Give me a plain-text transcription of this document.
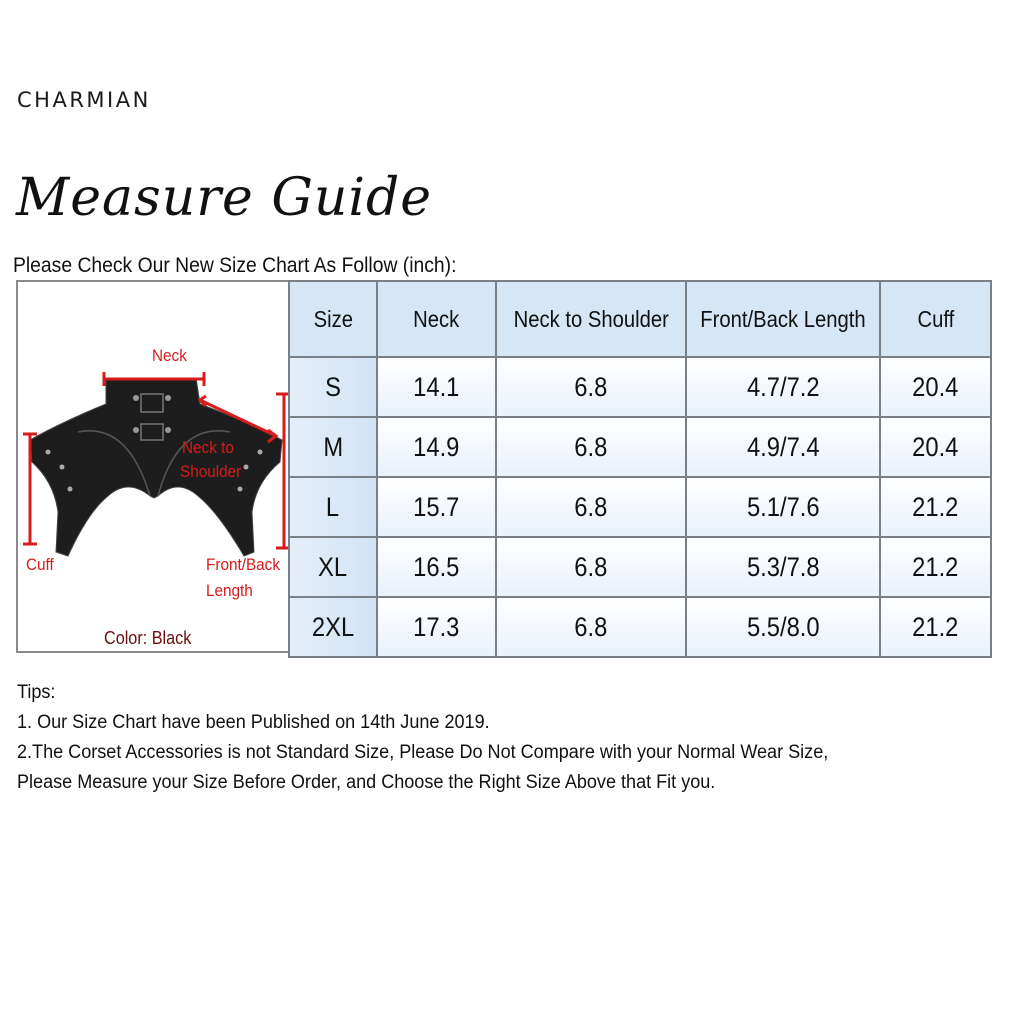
CHARMIAN
Measure Guide
Please Check Our New Size Chart As Follow (inch):
Neck
Neck to
Shoulder
Cuff	Front/Back
Length
Color: Black
Size	Neck	Neck to Shoulder	Front/Back Length	Cuff
S	14.1	6.8	4.7/7.2	20.4
M	14.9	6.8	4.9/7.4	20.4
L	15.7	6.8	5.1/7.6	21.2
XL	16.5	6.8	5.3/7.8	21.2
2XL	17.3	6.8	5.5/8.0	21.2
Tips:
1. Our Size Chart have been Published on 14th June 2019.
2.The Corset Accessories is not Standard Size, Please Do Not Compare with your Normal Wear Size,
Please Measure your Size Before Order, and Choose the Right Size Above that Fit you.
